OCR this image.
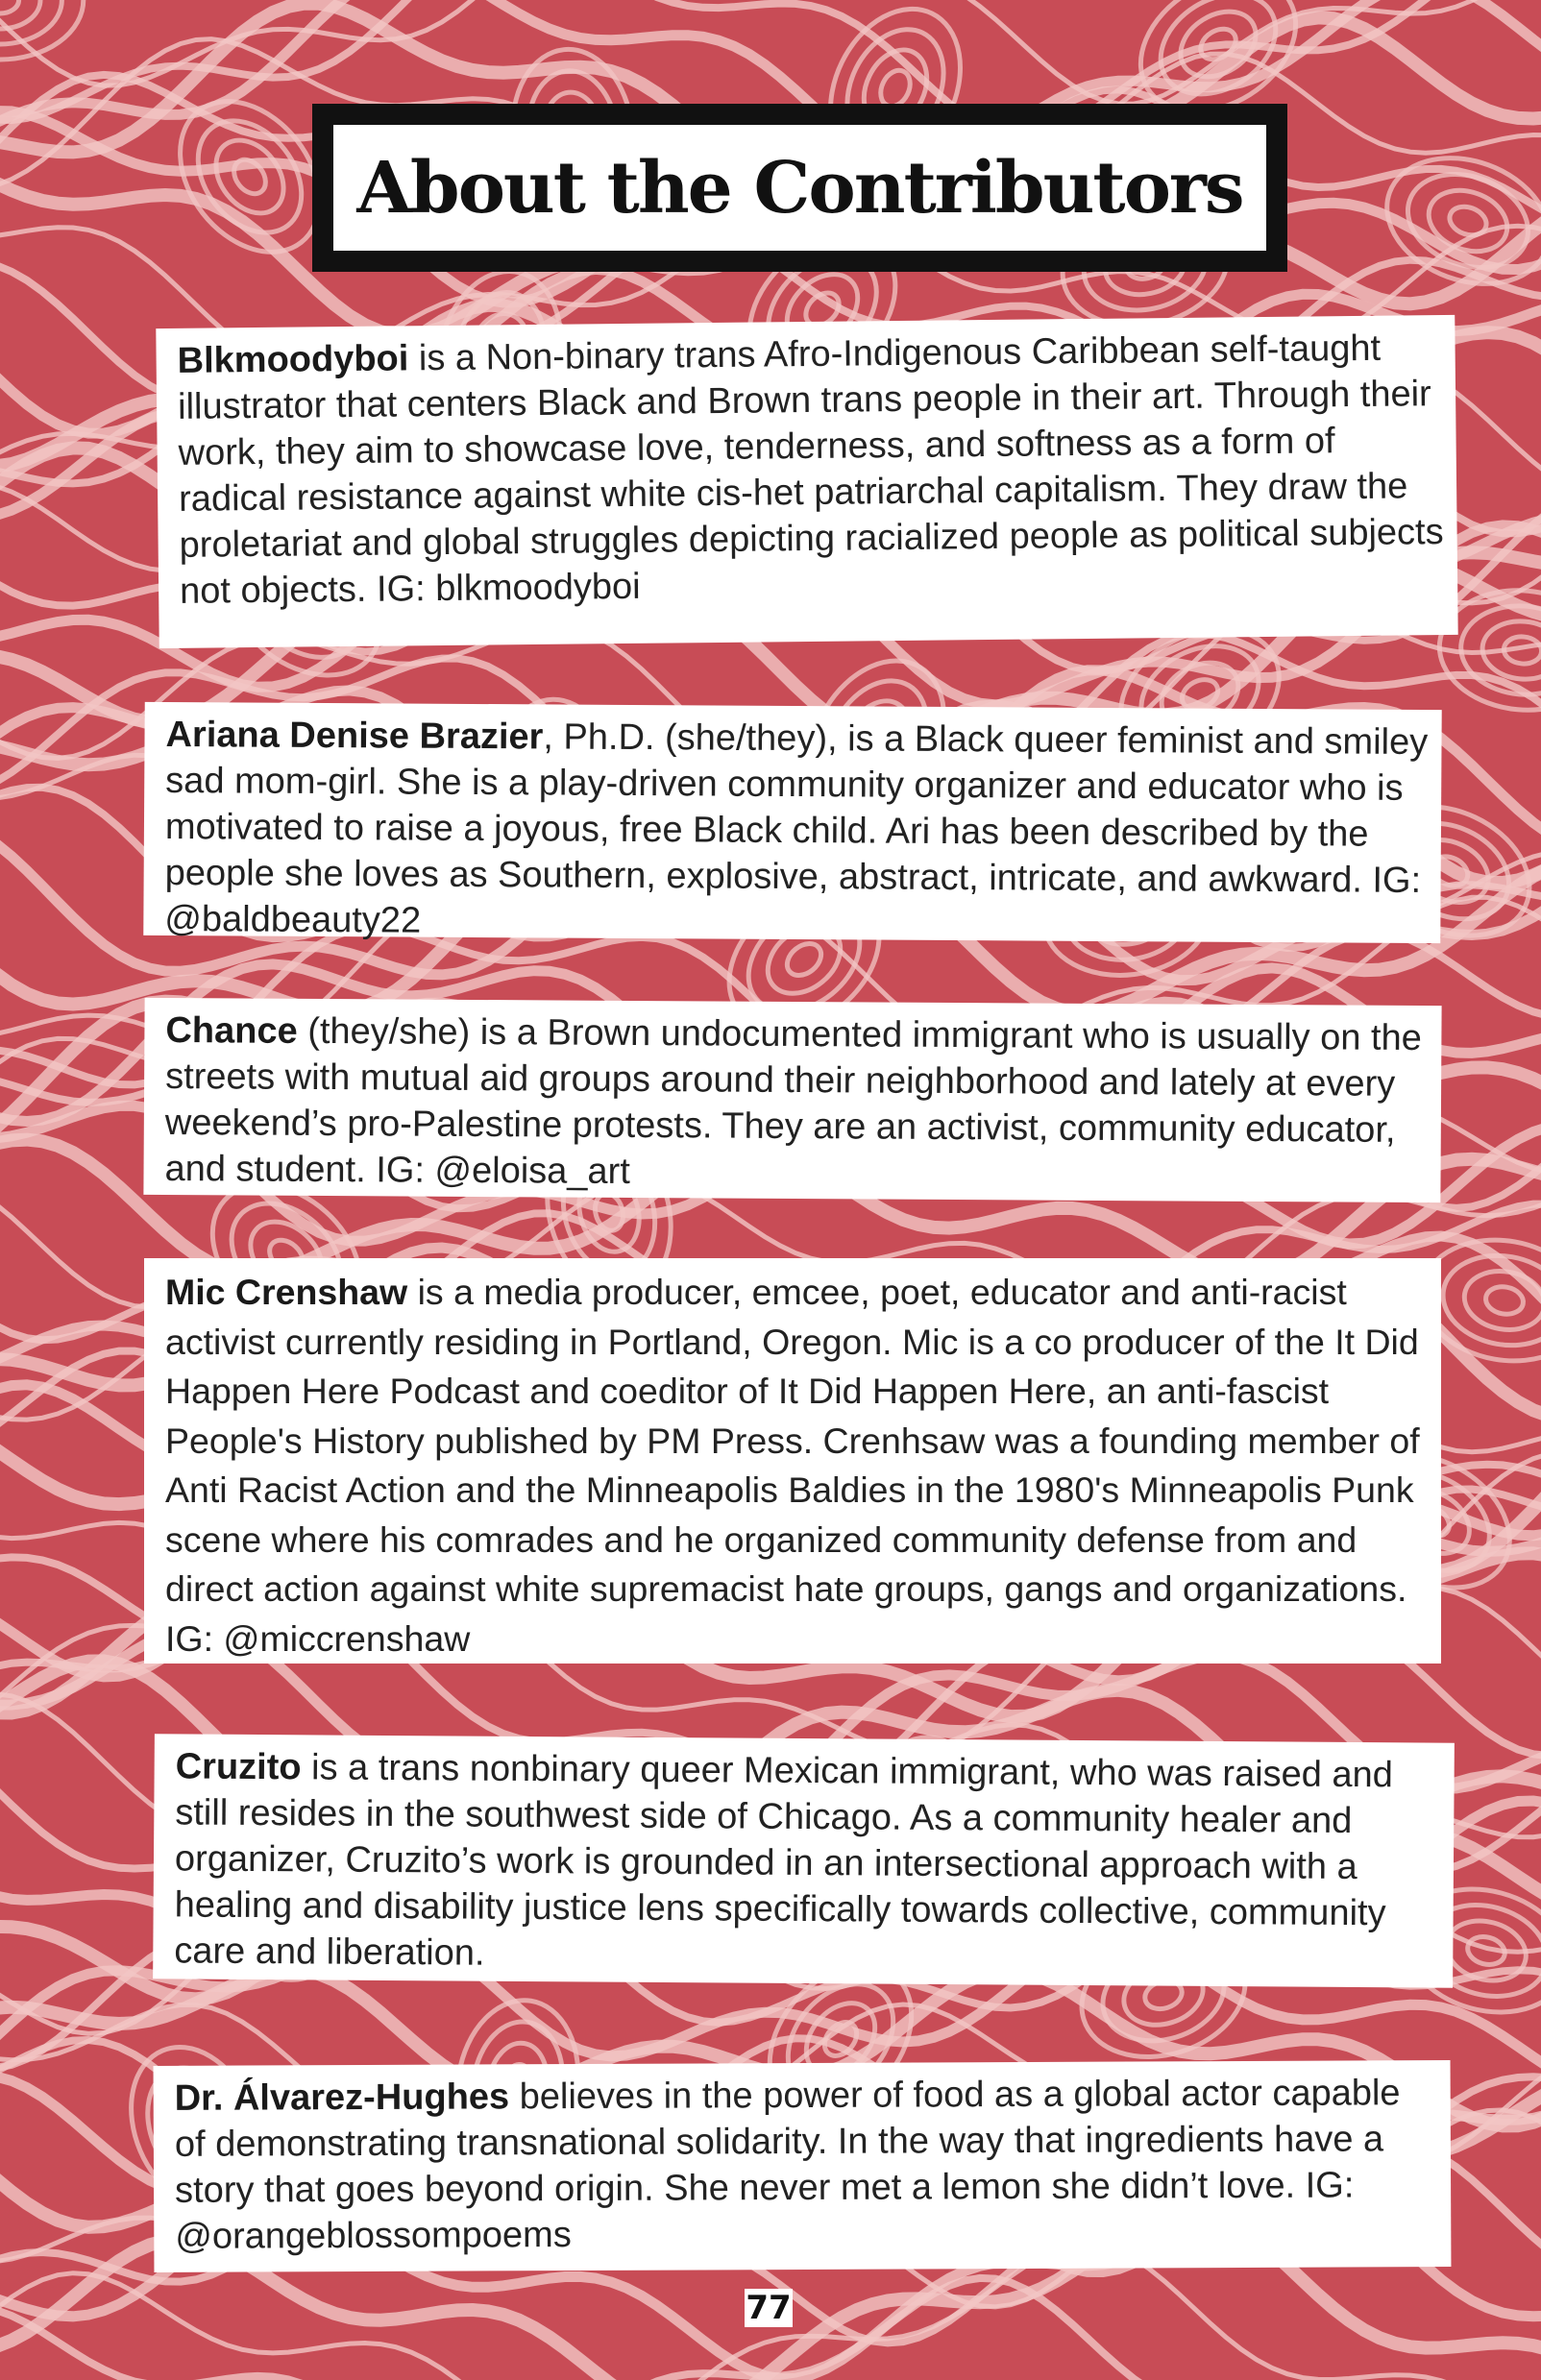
About the Contributors
Blkmoodyboi is a Non-binary trans Afro-Indigenous Caribbean self-taught illustrator that centers Black and Brown trans people in their art. Through their work, they aim to showcase love, tenderness, and softness as a form of radical resistance against white cis-het patriarchal capitalism. They draw the proletariat and global struggles depicting racialized people as political subjects not objects. IG: blkmoodyboi
Ariana Denise Brazier, Ph.D. (she/they), is a Black queer feminist and smiley sad mom-girl. She is a play-driven community organizer and educator who is motivated to raise a joyous, free Black child. Ari has been described by the people she loves as Southern, explosive, abstract, intricate, and awkward. IG: @baldbeauty22
Chance (they/she) is a Brown undocumented immigrant who is usually on the streets with mutual aid groups around their neighborhood and lately at every weekend’s pro-Palestine protests. They are an activist, community educator, and student. IG: @eloisa_art
Mic Crenshaw is a media producer, emcee, poet, educator and anti-racist activist currently residing in Portland, Oregon. Mic is a co producer of the It Did Happen Here Podcast and coeditor of It Did Happen Here, an anti-fascist People's History published by PM Press. Crenhsaw was a founding member of Anti Racist Action and the Minneapolis Baldies in the 1980's Minneapolis Punk scene where his comrades and he organized community defense from and direct action against white supremacist hate groups, gangs and organizations. IG: @miccrenshaw
Cruzito is a trans nonbinary queer Mexican immigrant, who was raised and still resides in the southwest side of Chicago. As a community healer and organizer, Cruzito’s work is grounded in an intersectional approach with a healing and disability justice lens specifically towards collective, community care and liberation.
Dr. Álvarez-Hughes believes in the power of food as a global actor capable of demonstrating transnational solidarity. In the way that ingredients have a story that goes beyond origin. She never met a lemon she didn’t love. IG: @orangeblossompoems
77
